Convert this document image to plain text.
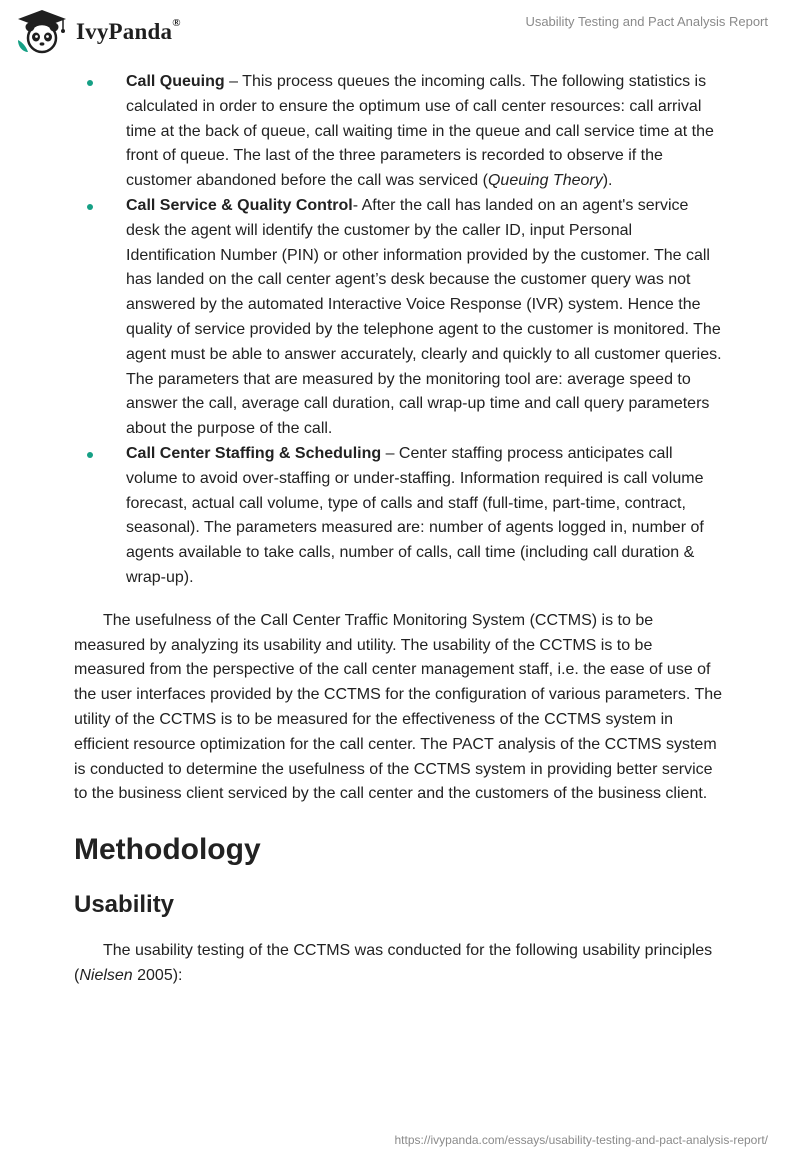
IvyPanda®	Usability Testing and Pact Analysis Report
Call Queuing – This process queues the incoming calls. The following statistics is calculated in order to ensure the optimum use of call center resources: call arrival time at the back of queue, call waiting time in the queue and call service time at the front of queue. The last of the three parameters is recorded to observe if the customer abandoned before the call was serviced (Queuing Theory).
Call Service & Quality Control- After the call has landed on an agent's service desk the agent will identify the customer by the caller ID, input Personal Identification Number (PIN) or other information provided by the customer. The call has landed on the call center agent’s desk because the customer query was not answered by the automated Interactive Voice Response (IVR) system. Hence the quality of service provided by the telephone agent to the customer is monitored. The agent must be able to answer accurately, clearly and quickly to all customer queries. The parameters that are measured by the monitoring tool are: average speed to answer the call, average call duration, call wrap-up time and call query parameters about the purpose of the call.
Call Center Staffing & Scheduling – Center staffing process anticipates call volume to avoid over-staffing or under-staffing. Information required is call volume forecast, actual call volume, type of calls and staff (full-time, part-time, contract, seasonal). The parameters measured are: number of agents logged in, number of agents available to take calls, number of calls, call time (including call duration & wrap-up).

The usefulness of the Call Center Traffic Monitoring System (CCTMS) is to be measured by analyzing its usability and utility. The usability of the CCTMS is to be measured from the perspective of the call center management staff, i.e. the ease of use of the user interfaces provided by the CCTMS for the configuration of various parameters. The utility of the CCTMS is to be measured for the effectiveness of the CCTMS system in efficient resource optimization for the call center. The PACT analysis of the CCTMS system is conducted to determine the usefulness of the CCTMS system in providing better service to the business client serviced by the call center and the customers of the business client.

Methodology
Usability

The usability testing of the CCTMS was conducted for the following usability principles (Nielsen 2005):

https://ivypanda.com/essays/usability-testing-and-pact-analysis-report/
